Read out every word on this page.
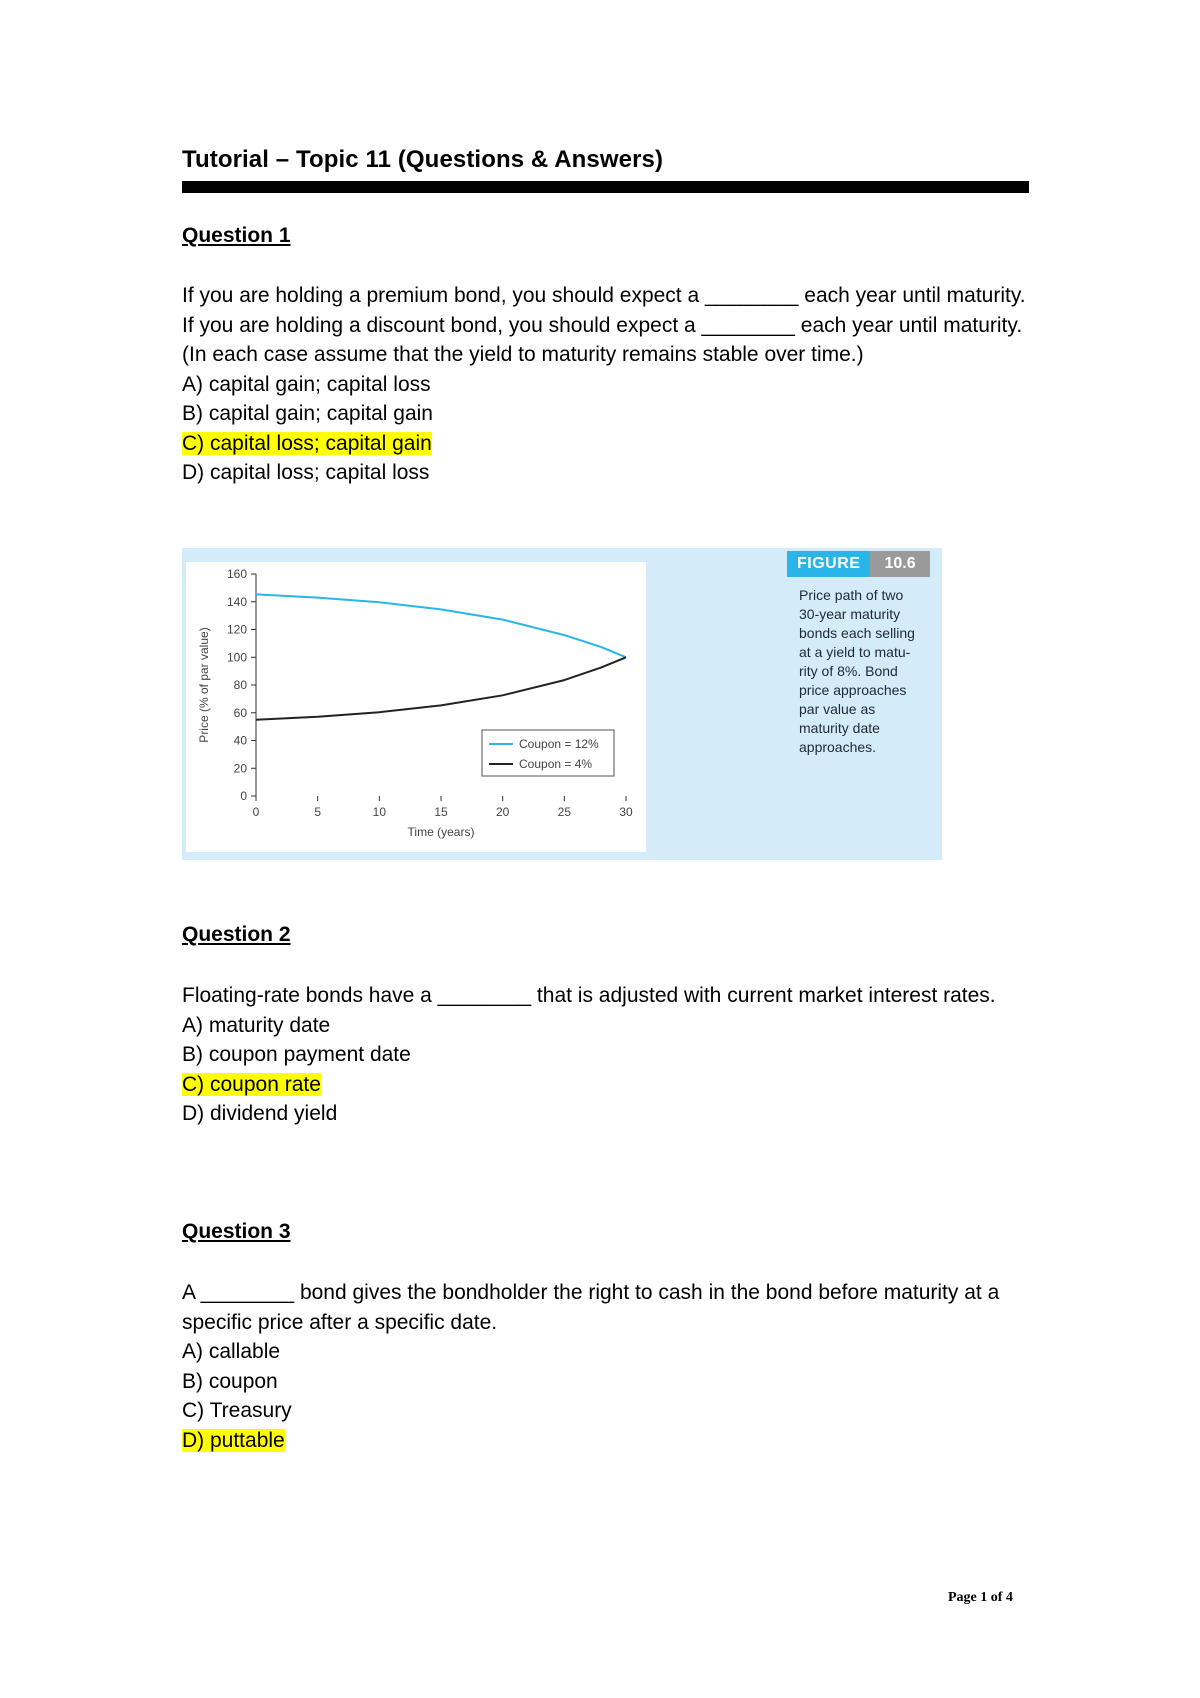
Tutorial – Topic 11 (Questions & Answers)
Question 1

If you are holding a premium bond, you should expect a ________ each year until maturity. If you are holding a discount bond, you should expect a ________ each year until maturity. (In each case assume that the yield to maturity remains stable over time.)

A) capital gain; capital loss
B) capital gain; capital gain
C) capital loss; capital gain
D) capital loss; capital loss
0
20
40
60
80
100
120
140
160
0	5	10	15	20	25	30
Time (years)
Price (% of par value)
Coupon = 12%
Coupon = 4%
FIGURE	10.6
Price path of two
30-year maturity
bonds each selling
at a yield to matu-
rity of 8%. Bond
price approaches
par value as
maturity date
approaches.
Question 2

Floating-rate bonds have a ________ that is adjusted with current market interest rates.

A) maturity date
B) coupon payment date
C) coupon rate
D) dividend yield
Question 3

A ________ bond gives the bondholder the right to cash in the bond before maturity at a specific price after a specific date.

A) callable
B) coupon
C) Treasury
D) puttable
Page 1 of 4
